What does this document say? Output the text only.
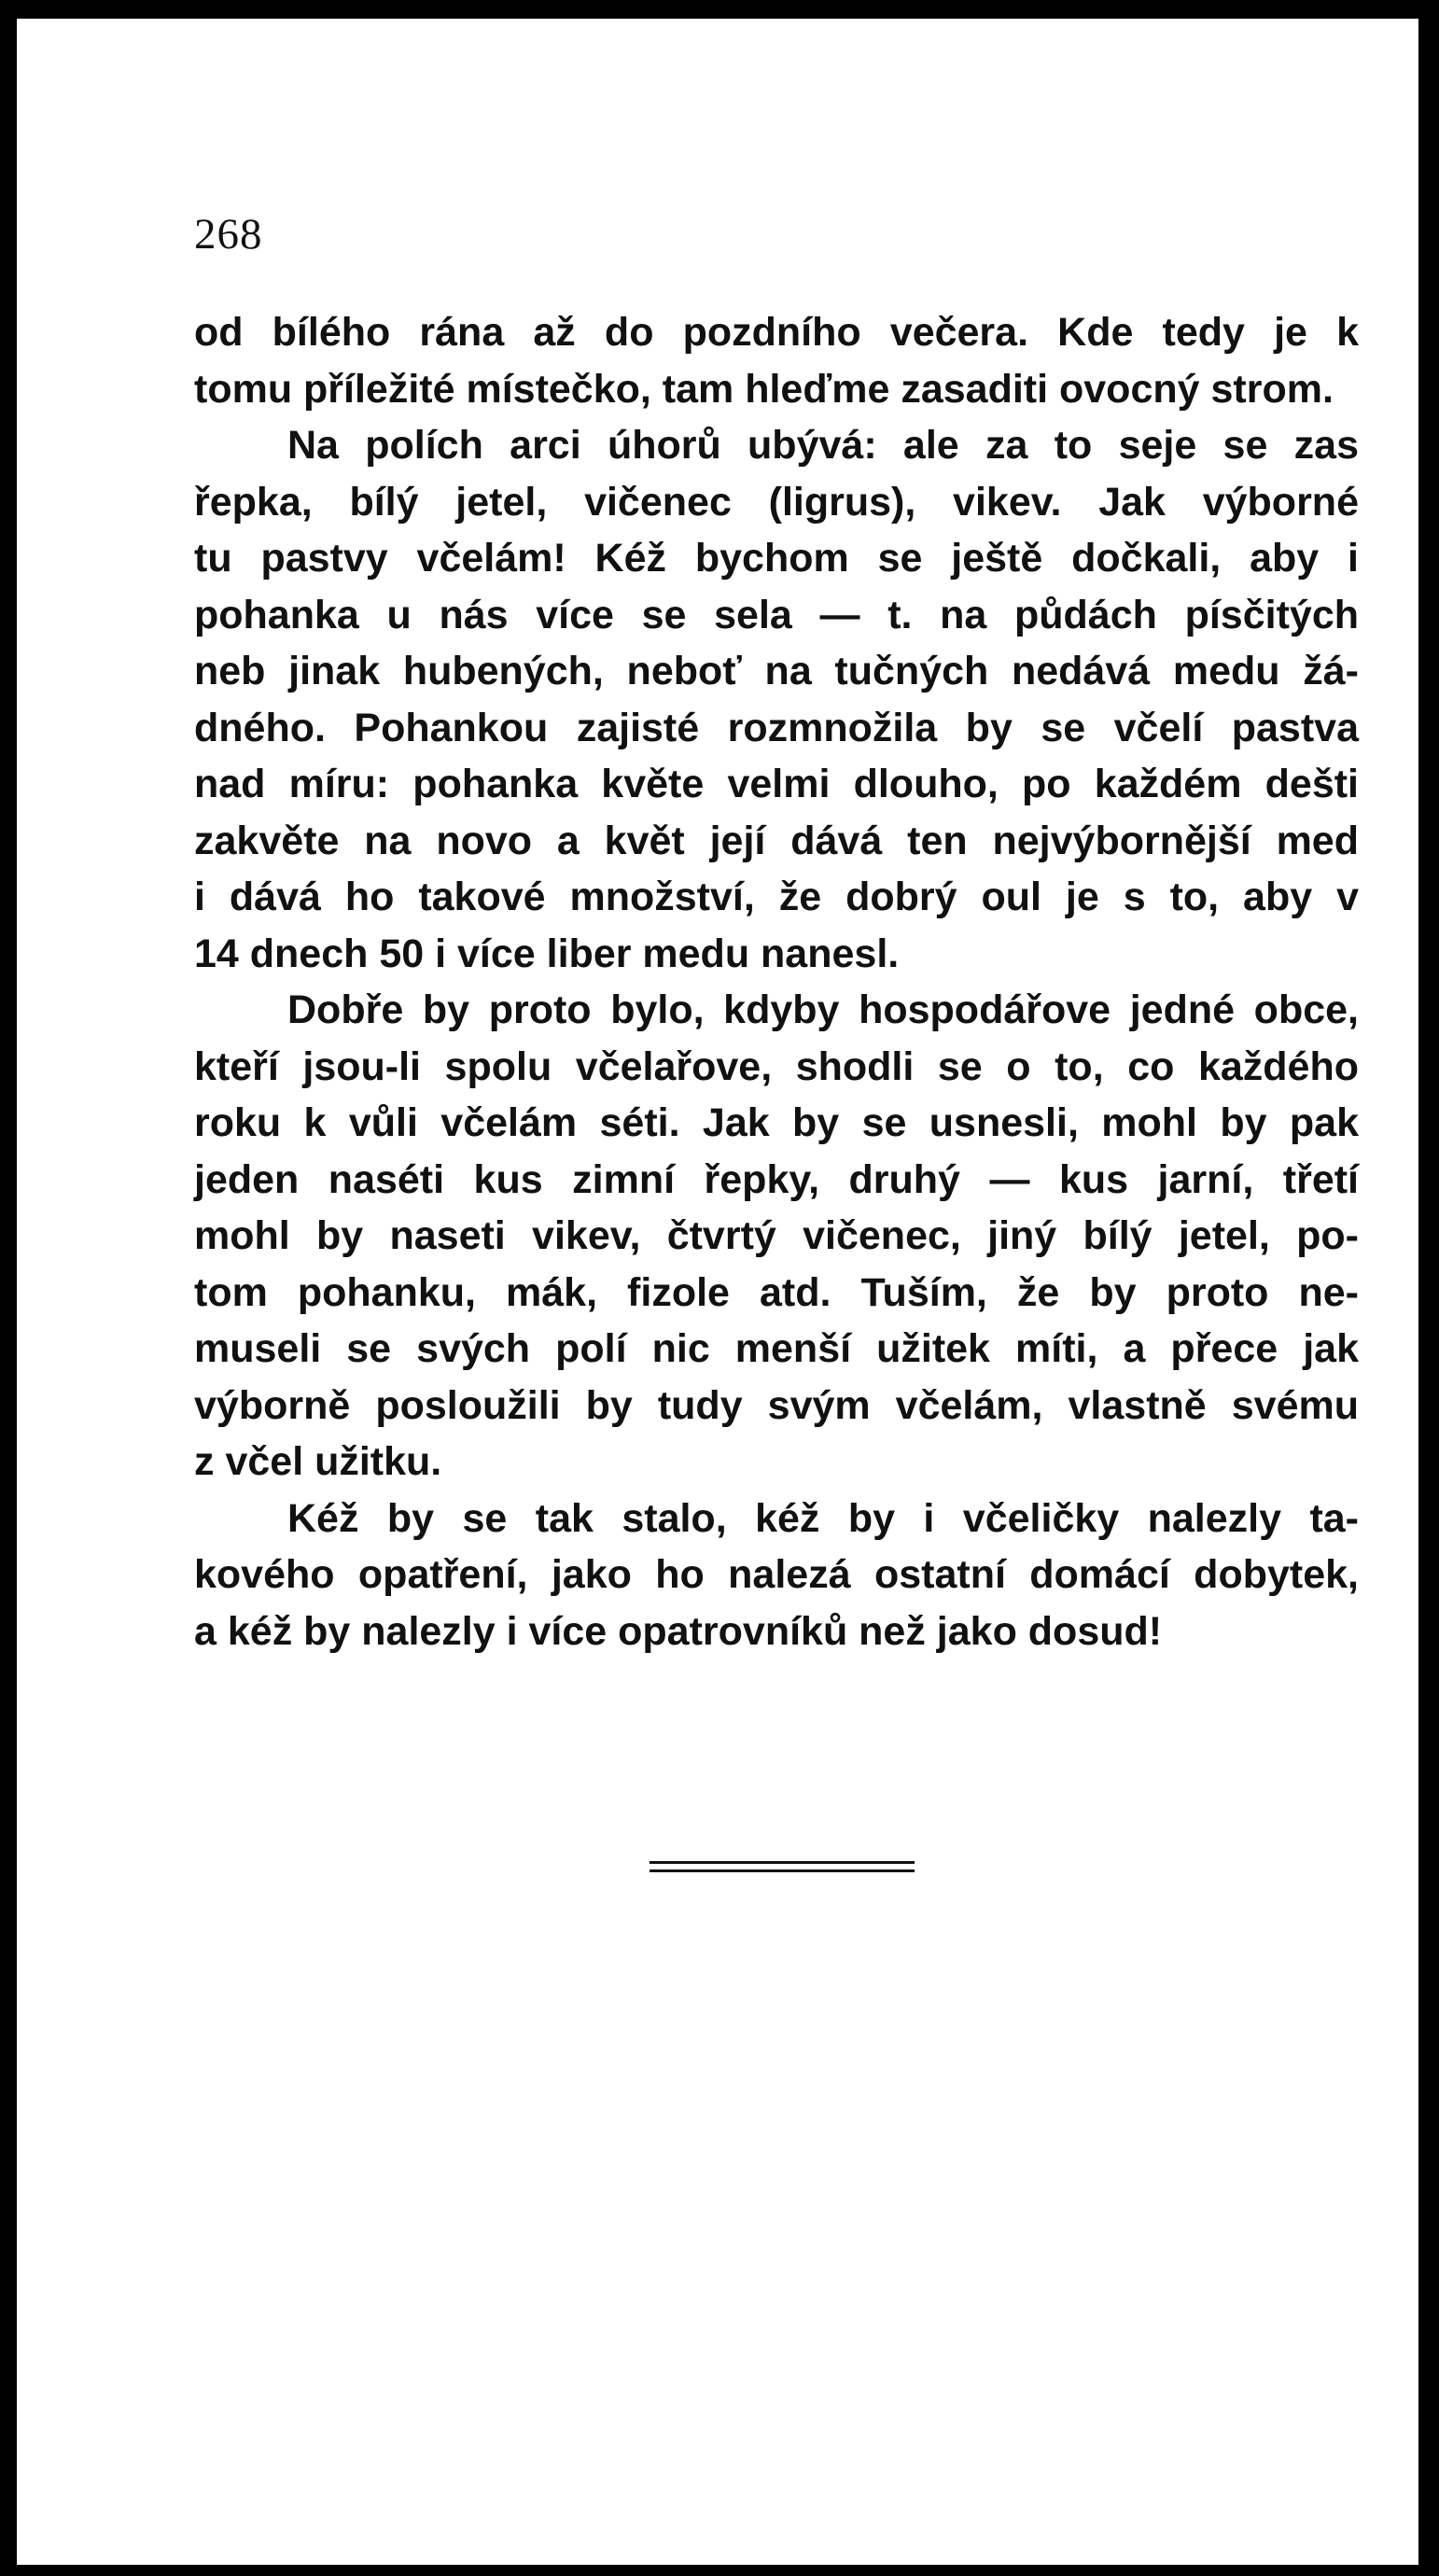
268
od bílého rána až do pozdního večera. Kde tedy je k
tomu příležité místečko, tam hleďme zasaditi ovocný strom.
Na polích arci úhorů ubývá: ale za to seje se zas
řepka, bílý jetel, vičenec (ligrus), vikev. Jak výborné
tu pastvy včelám! Kéž bychom se ještě dočkali, aby i
pohanka u nás více se sela — t. na půdách písčitých
neb jinak hubených, neboť na tučných nedává medu žá-
dného. Pohankou zajisté rozmnožila by se včelí pastva
nad míru: pohanka květe velmi dlouho, po každém dešti
zakvěte na novo a květ její dává ten nejvýbornější med
i dává ho takové množství, že dobrý oul je s to, aby v
14 dnech 50 i více liber medu nanesl.
Dobře by proto bylo, kdyby hospodářove jedné obce,
kteří jsou-li spolu včelařove, shodli se o to, co každého
roku k vůli včelám séti. Jak by se usnesli, mohl by pak
jeden naséti kus zimní řepky, druhý — kus jarní, třetí
mohl by naseti vikev, čtvrtý vičenec, jiný bílý jetel, po-
tom pohanku, mák, fizole atd. Tuším, že by proto ne-
museli se svých polí nic menší užitek míti, a přece jak
výborně posloužili by tudy svým včelám, vlastně svému
z včel užitku.
Kéž by se tak stalo, kéž by i včeličky nalezly ta-
kového opatření, jako ho nalezá ostatní domácí dobytek,
a kéž by nalezly i více opatrovníků než jako dosud!
